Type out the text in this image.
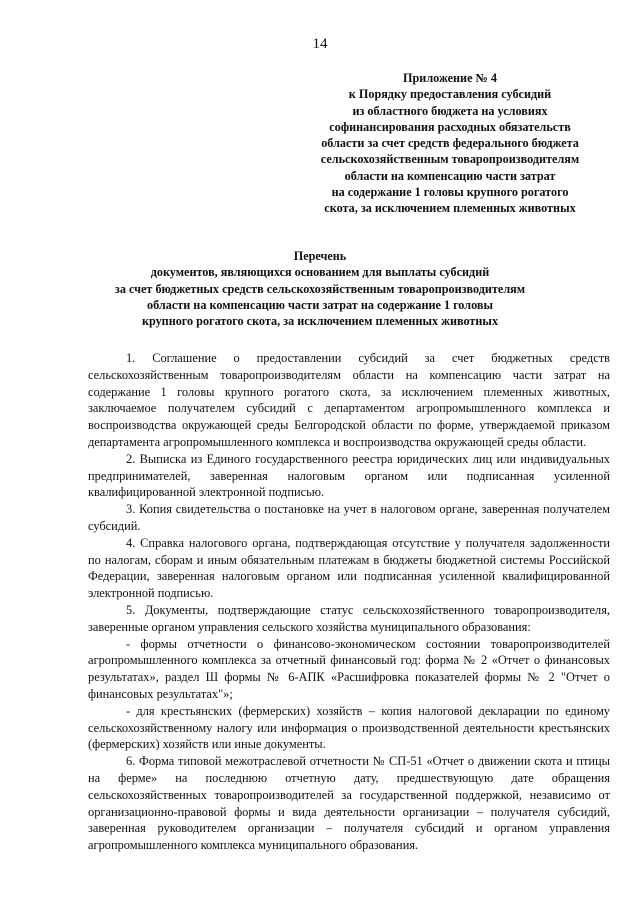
14
Приложение № 4
к Порядку предоставления субсидий
из областного бюджета на условиях
софинансирования расходных обязательств
области за счет средств федерального бюджета
сельскохозяйственным товаропроизводителям
области на компенсацию части затрат
на содержание 1 головы крупного рогатого
скота, за исключением племенных животных
Перечень
документов, являющихся основанием для выплаты субсидий
за счет бюджетных средств сельскохозяйственным товаропроизводителям
области на компенсацию части затрат на содержание 1 головы
крупного рогатого скота, за исключением племенных животных

1. Соглашение о предоставлении субсидий за счет бюджетных средств сельскохозяйственным товаропроизводителям области на компенсацию части затрат на содержание 1 головы крупного рогатого скота, за исключением племенных животных, заключаемое получателем субсидий с департаментом агропромышленного комплекса и воспроизводства окружающей среды Белгородской области по форме, утверждаемой приказом департамента агропромышленного комплекса и воспроизводства окружающей среды области.

2. Выписка из Единого государственного реестра юридических лиц или индивидуальных предпринимателей, заверенная налоговым органом или подписанная усиленной квалифицированной электронной подписью.

3. Копия свидетельства о постановке на учет в налоговом органе, заверенная получателем субсидий.

4. Справка налогового органа, подтверждающая отсутствие у получателя задолженности по налогам, сборам и иным обязательным платежам в бюджеты бюджетной системы Российской Федерации, заверенная налоговым органом или подписанная усиленной квалифицированной электронной подписью.

5. Документы, подтверждающие статус сельскохозяйственного товаропроизводителя, заверенные органом управления сельского хозяйства муниципального образования:

- формы отчетности о финансово-экономическом состоянии товаропроизводителей агропромышленного комплекса за отчетный финансовый год: форма № 2 «Отчет о финансовых результатах», раздел Ш формы № 6-АПК «Расшифровка показателей формы № 2 "Отчет о финансовых результатах"»;

- для крестьянских (фермерских) хозяйств – копия налоговой декларации по единому сельскохозяйственному налогу или информация о производственной деятельности крестьянских (фермерских) хозяйств или иные документы.

6. Форма типовой межотраслевой отчетности № СП-51 «Отчет о движении скота и птицы на ферме» на последнюю отчетную дату, предшествующую дате обращения сельскохозяйственных товаропроизводителей за государственной поддержкой, независимо от организационно-правовой формы и вида деятельности организации – получателя субсидий, заверенная руководителем организации – получателя субсидий и органом управления агропромышленного комплекса муниципального образования.
